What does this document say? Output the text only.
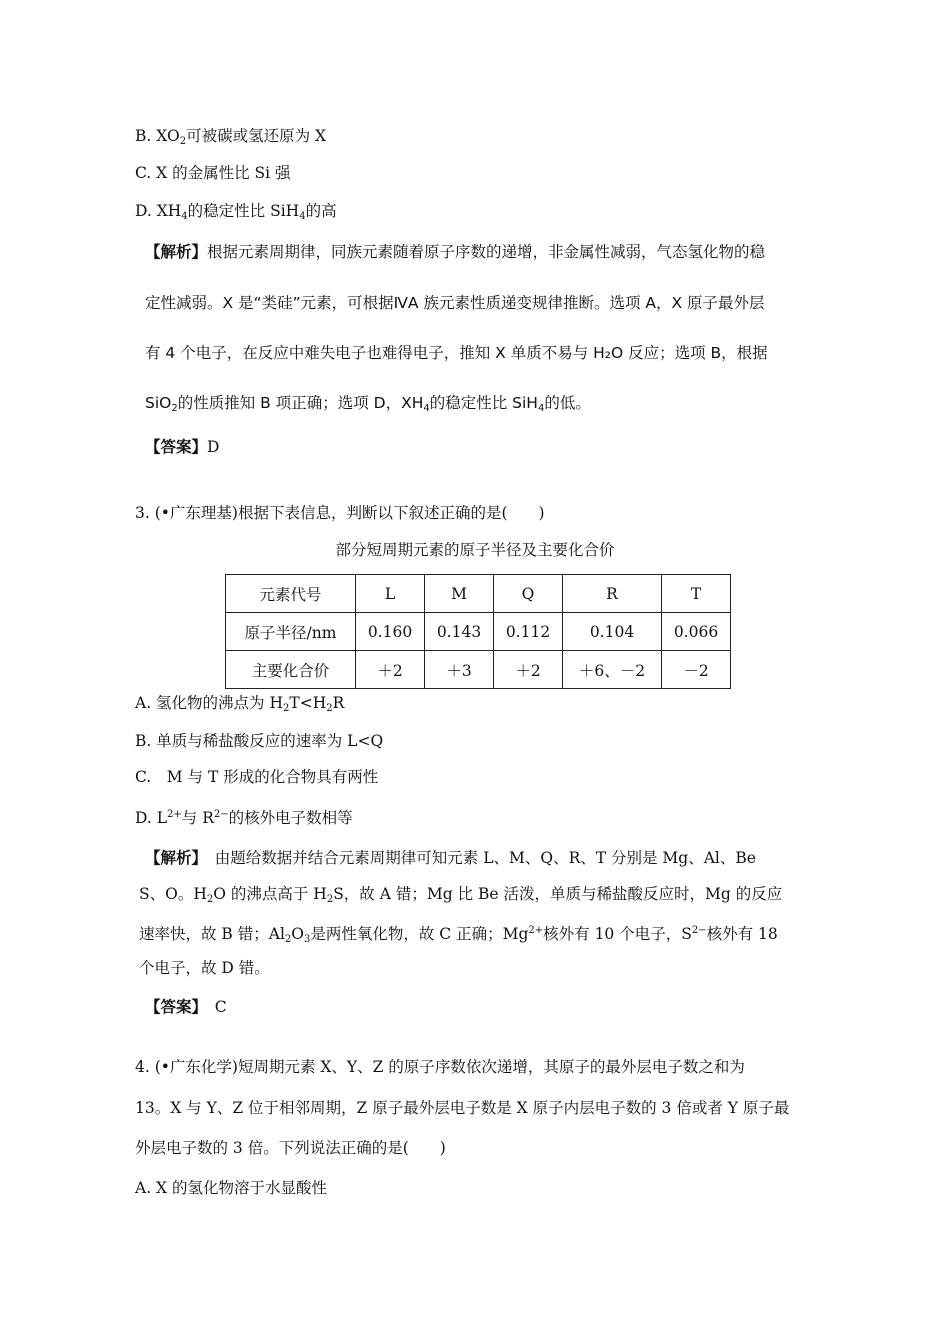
B. $XO_2$可被碳或氢还原为 X
C. X 的金属性比 Si 强
D. $XH_4$的稳定性比 SiH$_4$的高
【解析】根据元素周期律，同族元素随着原子序数的递增，非金属性减弱，气态氢化物的稳
定性减弱。X 是“类硅”元素，可根据ⅣA 族元素性质递变规律推断。选项 A，X 原子最外层
有 4 个电子，在反应中难失电子也难得电子，推知 X 单质不易与 H₂O 反应；选项 B，根据
SiO$_2$的性质推知 B 项正确；选项 D，$XH_4$的稳定性比 SiH$_4$的低。
【答案】D
3. (•广东理基)根据下表信息，判断以下叙述正确的是(　　)
部分短周期元素的原子半径及主要化合价
元素代号	L	M	Q	R	T
原子半径/nm	0.160	0.143	0.112	0.104	0.066
主要化合价	＋2	＋3	＋2	＋6、－2	－2
A. 氢化物的沸点为 $H_2T<H_2R$
B. 单质与稀盐酸反应的速率为 L<Q
C.　M 与 T 形成的化合物具有两性
D. $L^{2+}$与 $R^{2-}$的核外电子数相等
【解析】　由题给数据并结合元素周期律可知元素 L、M、Q、R、T 分别是 Mg、Al、Be
S、O。$H_2O$ 的沸点高于 $H_2S$，故 A 错；Mg 比 Be 活泼，单质与稀盐酸反应时，Mg 的反应
速率快，故 B 错；$Al_2O_3$是两性氧化物，故 C 正确；$Mg^{2+}$核外有 10 个电子，$S^{2-}$核外有 18
个电子，故 D 错。
【答案】　C
4. (•广东化学)短周期元素 X、Y、Z 的原子序数依次递增，其原子的最外层电子数之和为
13。X 与 Y、Z 位于相邻周期，Z 原子最外层电子数是 X 原子内层电子数的 3 倍或者 Y 原子最
外层电子数的 3 倍。下列说法正确的是(　　)
A. X 的氢化物溶于水显酸性
